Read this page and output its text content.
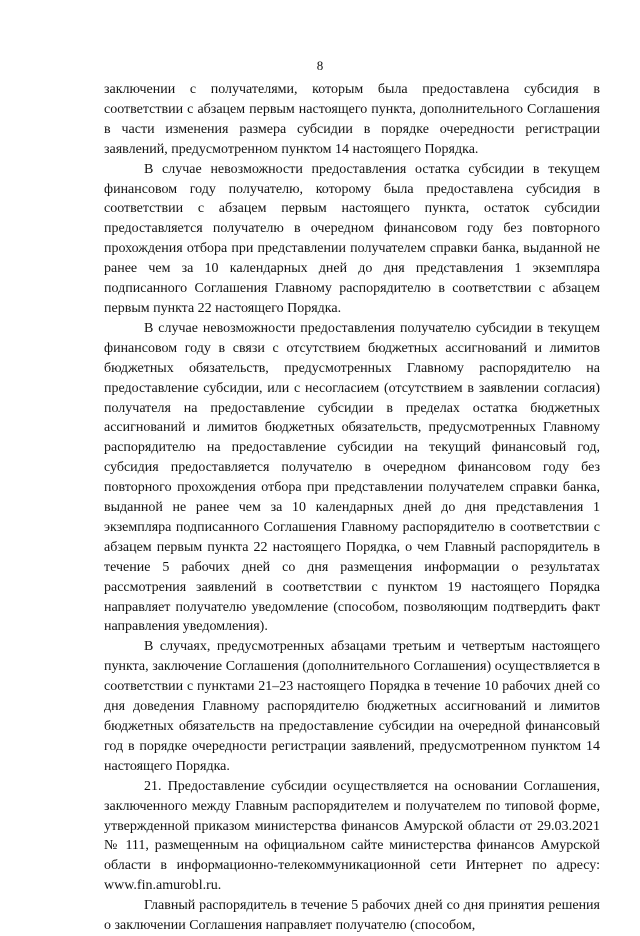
8

заключении с получателями, которым была предоставлена субсидия в соответствии с абзацем первым настоящего пункта, дополнительного Соглашения в части изменения размера субсидии в порядке очередности регистрации заявлений, предусмотренном пунктом 14 настоящего Порядка.

В случае невозможности предоставления остатка субсидии в текущем финансовом году получателю, которому была предоставлена субсидия в соответствии с абзацем первым настоящего пункта, остаток субсидии предоставляется получателю в очередном финансовом году без повторного прохождения отбора при представлении получателем справки банка, выданной не ранее чем за 10 календарных дней до дня представления 1 экземпляра подписанного Соглашения Главному распорядителю в соответствии с абзацем первым пункта 22 настоящего Порядка.

В случае невозможности предоставления получателю субсидии в текущем финансовом году в связи с отсутствием бюджетных ассигнований и лимитов бюджетных обязательств, предусмотренных Главному распорядителю на предоставление субсидии, или с несогласием (отсутствием в заявлении согласия) получателя на предоставление субсидии в пределах остатка бюджетных ассигнований и лимитов бюджетных обязательств, предусмотренных Главному распорядителю на предоставление субсидии на текущий финансовый год, субсидия предоставляется получателю в очередном финансовом году без повторного прохождения отбора при представлении получателем справки банка, выданной не ранее чем за 10 календарных дней до дня представления 1 экземпляра подписанного Соглашения Главному распорядителю в соответствии с абзацем первым пункта 22 настоящего Порядка, о чем Главный распорядитель в течение 5 рабочих дней со дня размещения информации о результатах рассмотрения заявлений в соответствии с пунктом 19 настоящего Порядка направляет получателю уведомление (способом, позволяющим подтвердить факт направления уведомления).

В случаях, предусмотренных абзацами третьим и четвертым настоящего пункта, заключение Соглашения (дополнительного Соглашения) осуществляется в соответствии с пунктами 21–23 настоящего Порядка в течение 10 рабочих дней со дня доведения Главному распорядителю бюджетных ассигнований и лимитов бюджетных обязательств на предоставление субсидии на очередной финансовый год в порядке очередности регистрации заявлений, предусмотренном пунктом 14 настоящего Порядка.

21. Предоставление субсидии осуществляется на основании Соглашения, заключенного между Главным распорядителем и получателем по типовой форме, утвержденной приказом министерства финансов Амурской области от 29.03.2021 № 111, размещенным на официальном сайте министерства финансов Амурской области в информационно-телекоммуникационной сети Интернет по адресу: www.fin.amurobl.ru.

Главный распорядитель в течение 5 рабочих дней со дня принятия решения о заключении Соглашения направляет получателю (способом,
